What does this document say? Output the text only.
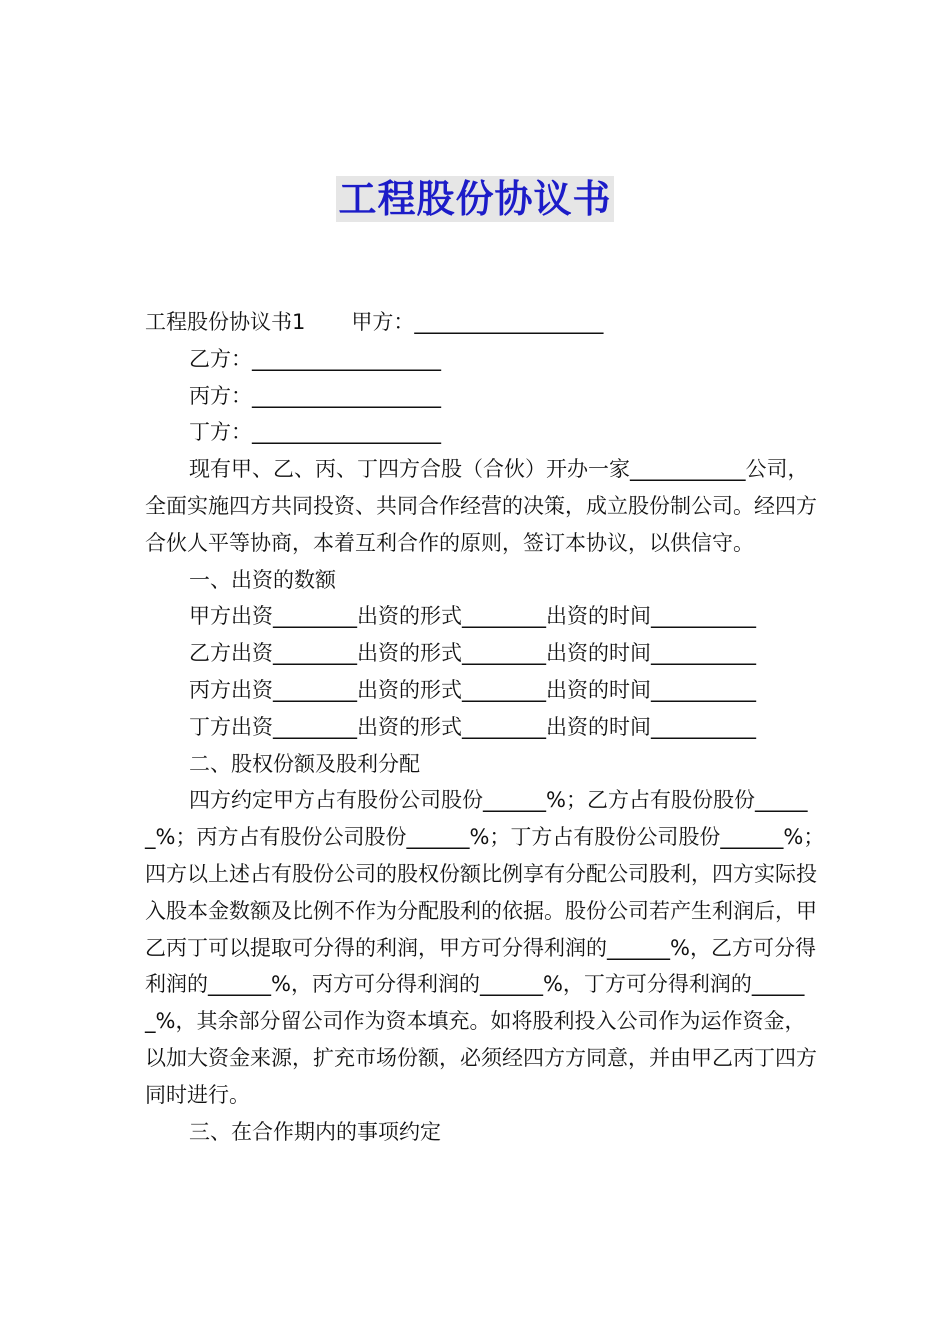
工程股份协议书

工程股份协议书1 甲方：__________________

乙方：__________________

丙方：__________________

丁方：__________________

现有甲、乙、丙、丁四方合股（合伙）开办一家___________公司，全面实施四方共同投资、共同合作经营的决策，成立股份制公司。经四方合伙人平等协商，本着互利合作的原则，签订本协议，以供信守。

一、出资的数额

甲方出资________出资的形式________出资的时间__________

乙方出资________出资的形式________出资的时间__________

丙方出资________出资的形式________出资的时间__________

丁方出资________出资的形式________出资的时间__________

二、股权份额及股利分配

四方约定甲方占有股份公司股份______%；乙方占有股份股份______%；丙方占有股份公司股份______%；丁方占有股份公司股份______%；四方以上述占有股份公司的股权份额比例享有分配公司股利，四方实际投入股本金数额及比例不作为分配股利的依据。股份公司若产生利润后，甲乙丙丁可以提取可分得的利润，甲方可分得利润的______%，乙方可分得利润的______%，丙方可分得利润的______%，丁方可分得利润的______%，其余部分留公司作为资本填充。如将股利投入公司作为运作资金，以加大资金来源，扩充市场份额，必须经四方方同意，并由甲乙丙丁四方同时进行。

三、在合作期内的事项约定
